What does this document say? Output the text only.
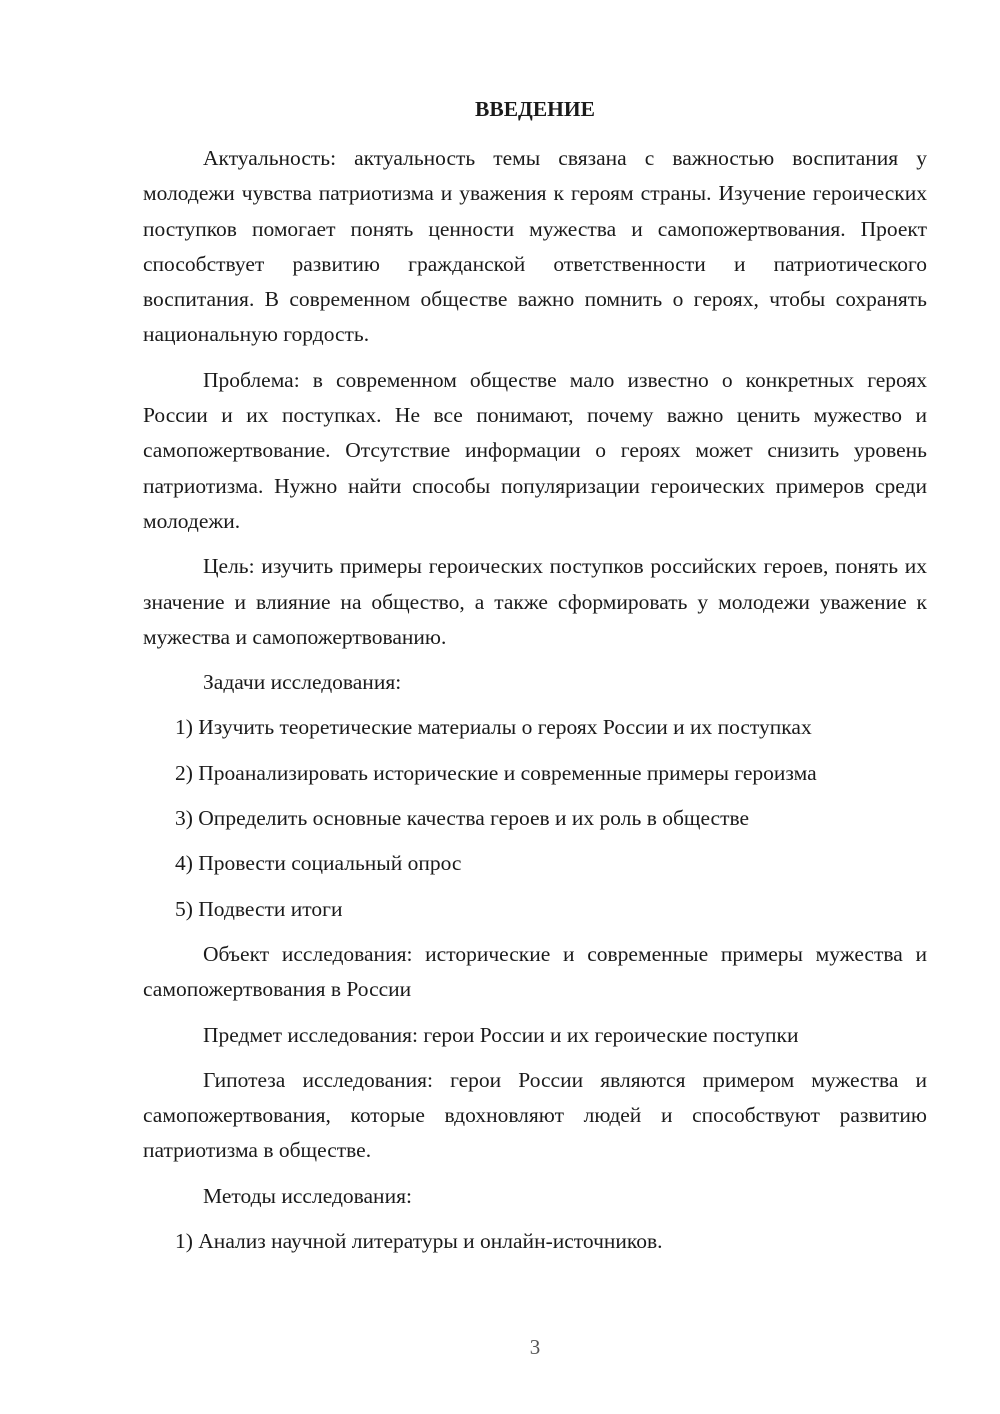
ВВЕДЕНИЕ

Актуальность: актуальность темы связана с важностью воспитания у молодежи чувства патриотизма и уважения к героям страны. Изучение героических поступков помогает понять ценности мужества и самопожертвования. Проект способствует развитию гражданской ответственности и патриотического воспитания. В современном обществе важно помнить о героях, чтобы сохранять национальную гордость.

Проблема: в современном обществе мало известно о конкретных героях России и их поступках. Не все понимают, почему важно ценить мужество и самопожертвование. Отсутствие информации о героях может снизить уровень патриотизма. Нужно найти способы популяризации героических примеров среди молодежи.

Цель: изучить примеры героических поступков российских героев, понять их значение и влияние на общество, а также сформировать у молодежи уважение к мужества и самопожертвованию.

Задачи исследования:
1) Изучить теоретические материалы о героях России и их поступках
2) Проанализировать исторические и современные примеры героизма
3) Определить основные качества героев и их роль в обществе
4) Провести социальный опрос
5) Подвести итоги

Объект исследования: исторические и современные примеры мужества и самопожертвования в России

Предмет исследования: герои России и их героические поступки

Гипотеза исследования: герои России являются примером мужества и самопожертвования, которые вдохновляют людей и способствуют развитию патриотизма в обществе.

Методы исследования:
1) Анализ научной литературы и онлайн-источников.
3
